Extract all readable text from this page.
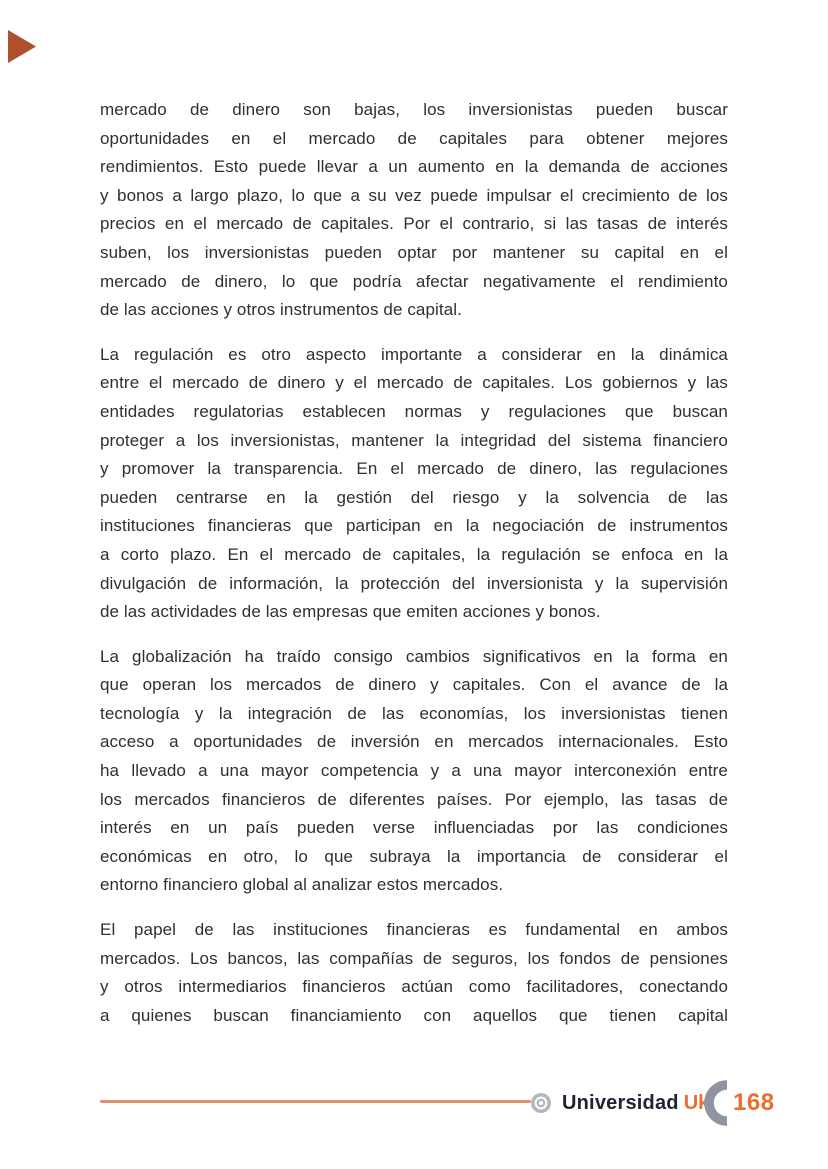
mercado de dinero son bajas, los inversionistas pueden buscar
oportunidades en el mercado de capitales para obtener mejores
rendimientos. Esto puede llevar a un aumento en la demanda de acciones
y bonos a largo plazo, lo que a su vez puede impulsar el crecimiento de los
precios en el mercado de capitales. Por el contrario, si las tasas de interés
suben, los inversionistas pueden optar por mantener su capital en el
mercado de dinero, lo que podría afectar negativamente el rendimiento
de las acciones y otros instrumentos de capital.

La regulación es otro aspecto importante a considerar en la dinámica
entre el mercado de dinero y el mercado de capitales. Los gobiernos y las
entidades regulatorias establecen normas y regulaciones que buscan
proteger a los inversionistas, mantener la integridad del sistema financiero
y promover la transparencia. En el mercado de dinero, las regulaciones
pueden centrarse en la gestión del riesgo y la solvencia de las
instituciones financieras que participan en la negociación de instrumentos
a corto plazo. En el mercado de capitales, la regulación se enfoca en la
divulgación de información, la protección del inversionista y la supervisión
de las actividades de las empresas que emiten acciones y bonos.

La globalización ha traído consigo cambios significativos en la forma en
que operan los mercados de dinero y capitales. Con el avance de la
tecnología y la integración de las economías, los inversionistas tienen
acceso a oportunidades de inversión en mercados internacionales. Esto
ha llevado a una mayor competencia y a una mayor interconexión entre
los mercados financieros de diferentes países. Por ejemplo, las tasas de
interés en un país pueden verse influenciadas por las condiciones
económicas en otro, lo que subraya la importancia de considerar el
entorno financiero global al analizar estos mercados.

El papel de las instituciones financieras es fundamental en ambos
mercados. Los bancos, las compañías de seguros, los fondos de pensiones
y otros intermediarios financieros actúan como facilitadores, conectando
a quienes buscan financiamiento con aquellos que tienen capital

Universidad Uk 168
